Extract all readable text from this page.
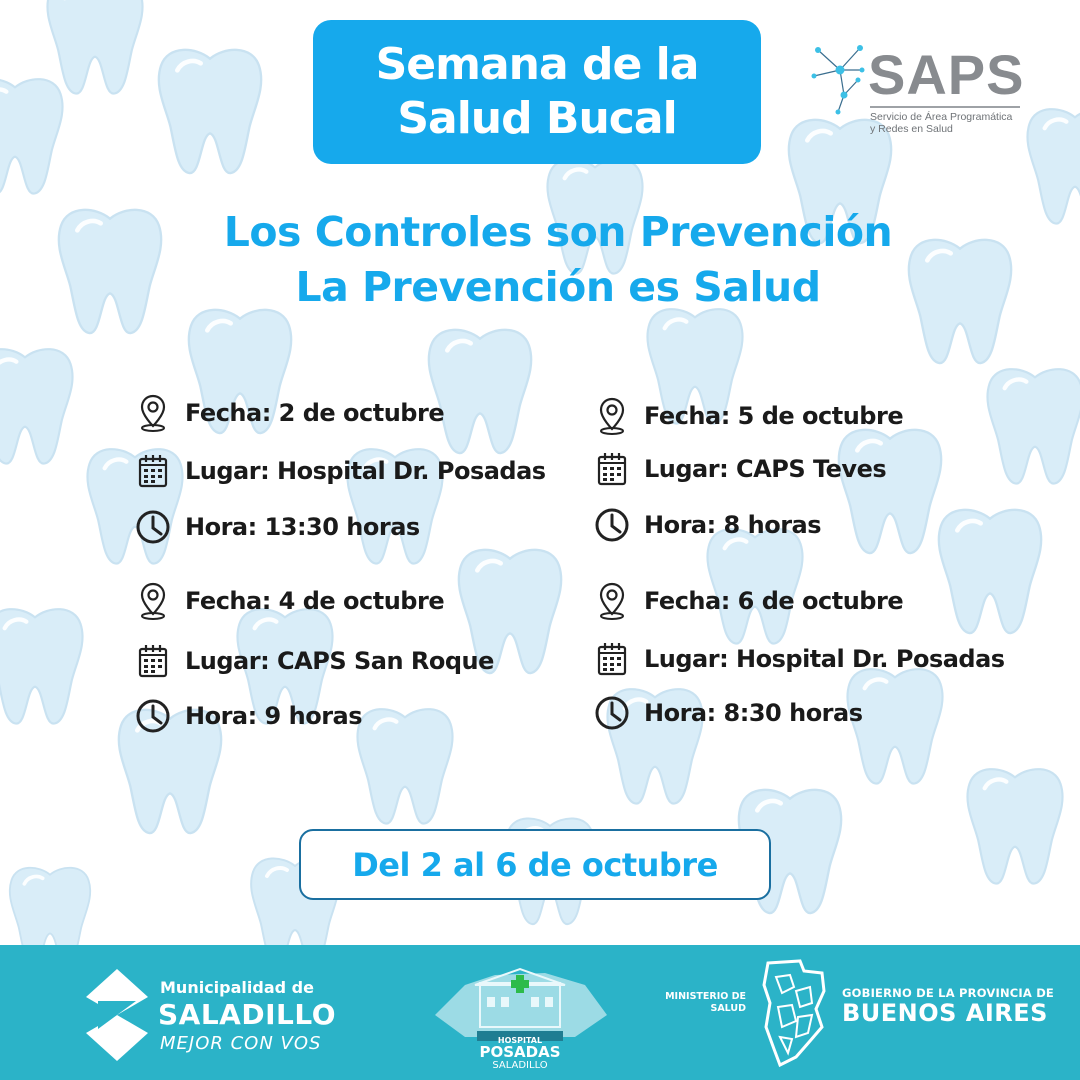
Semana de la
Salud Bucal
SAPS
Servicio de Área Programática
y Redes en Salud
Los Controles son Prevención
La Prevención es Salud
Fecha: 2 de octubre
Lugar: Hospital Dr. Posadas
Hora: 13:30 horas
Fecha: 5 de octubre
Lugar: CAPS Teves
Hora: 8 horas
Fecha: 4 de octubre
Lugar: CAPS San Roque
Hora: 9 horas
Fecha: 6 de octubre
Lugar: Hospital Dr. Posadas
Hora: 8:30 horas
Del 2 al 6 de octubre
Municipalidad de
SALADILLO
MEJOR CON VOS	HOSPITAL
POSADAS
SALADILLO
MINISTERIO DE
SALUD
GOBIERNO DE LA PROVINCIA DE
BUENOS AIRES
